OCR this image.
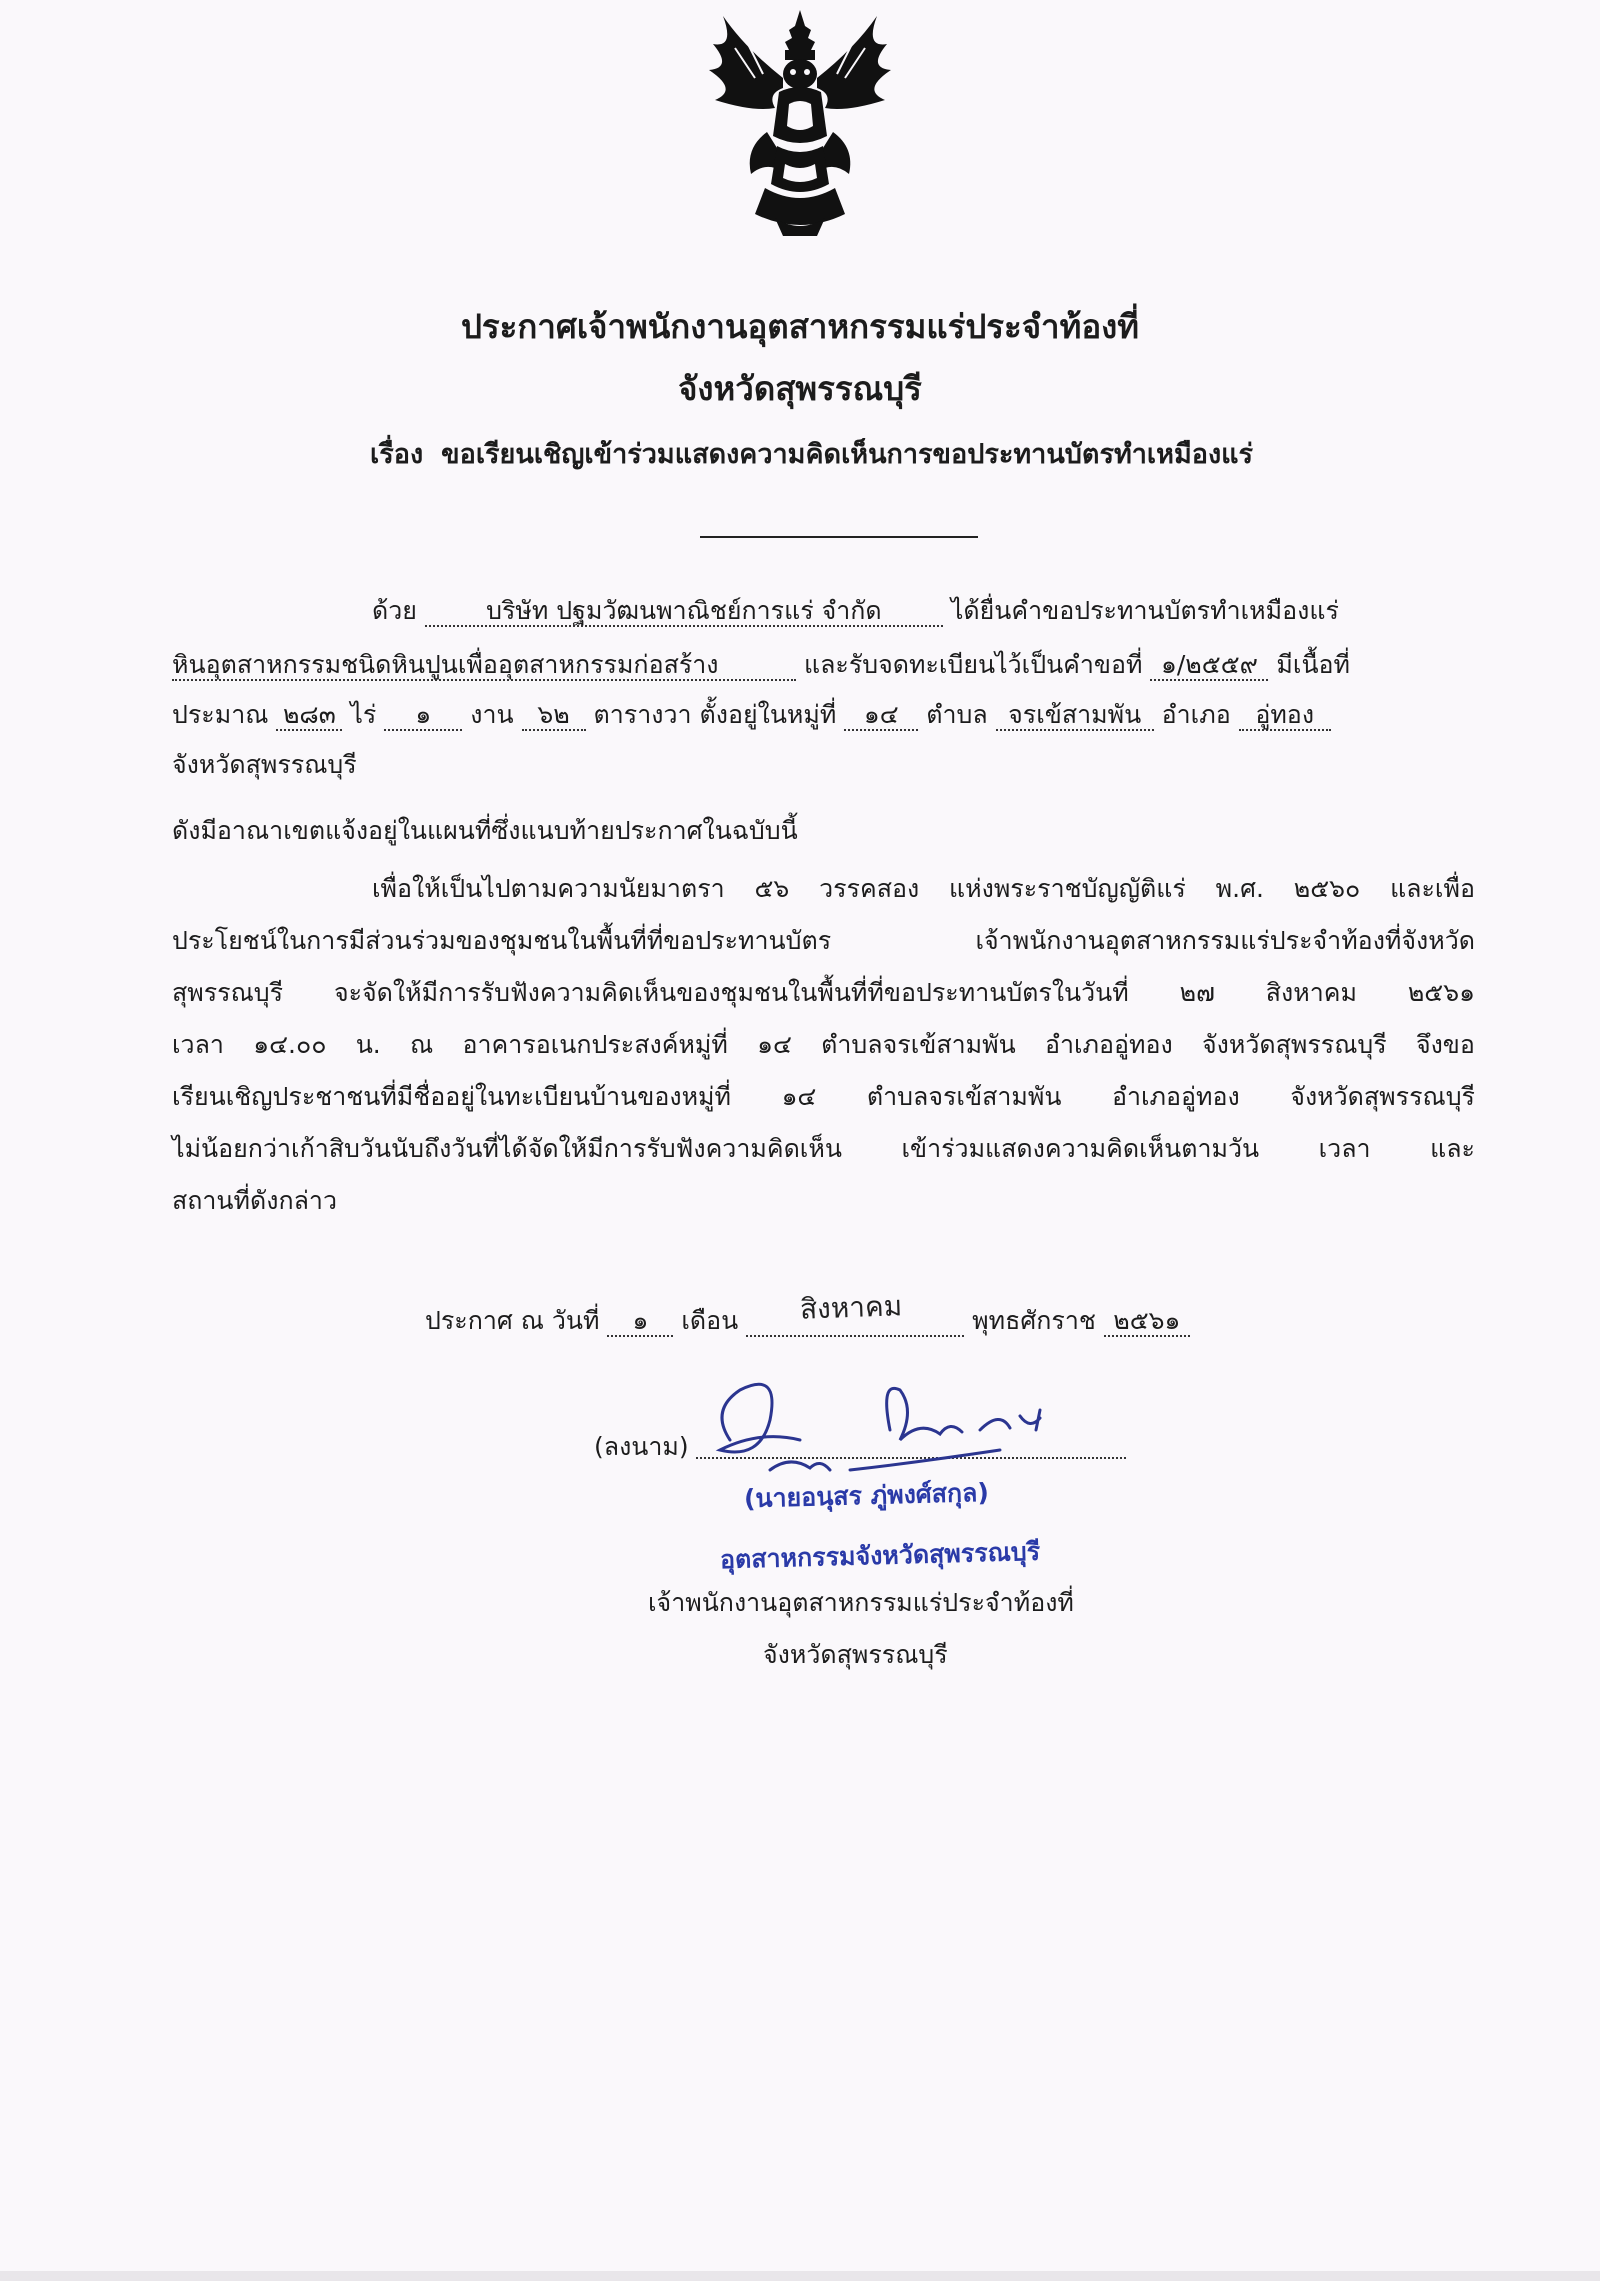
ประกาศเจ้าพนักงานอุตสาหกรรมแร่ประจำท้องที่
จังหวัดสุพรรณบุรี
เรื่อง ขอเรียนเชิญเข้าร่วมแสดงความคิดเห็นการขอประทานบัตรทำเหมืองแร่
ด้วย	บริษัท ปฐมวัฒนพาณิชย์การแร่ จำกัด	ได้ยื่นคำขอประทานบัตรทำเหมืองแร่
หินอุตสาหกรรมชนิดหินปูนเพื่ออุตสาหกรรมก่อสร้าง	และรับจดทะเบียนไว้เป็นคำขอที่ ๑/๒๕๕๙ มีเนื้อที่
ประมาณ ๒๘๓ ไร่ ๑ งาน ๖๒ ตารางวา ตั้งอยู่ในหมู่ที่ ๑๔ ตำบล จรเข้สามพัน อำเภอ อู่ทอง
จังหวัดสุพรรณบุรี
ดังมีอาณาเขตแจ้งอยู่ในแผนที่ซึ่งแนบท้ายประกาศในฉบับนี้
เพื่อให้เป็นไปตามความนัยมาตรา ๕๖ วรรคสอง แห่งพระราชบัญญัติแร่ พ.ศ. ๒๕๖๐ และเพื่อ
ประโยชน์ในการมีส่วนร่วมของชุมชนในพื้นที่ที่ขอประทานบัตร	เจ้าพนักงานอุตสาหกรรมแร่ประจำท้องที่จังหวัด
สุพรรณบุรี จะจัดให้มีการรับฟังความคิดเห็นของชุมชนในพื้นที่ที่ขอประทานบัตรในวันที่ ๒๗ สิงหาคม ๒๕๖๑
เวลา ๑๔.๐๐ น. ณ อาคารอเนกประสงค์หมู่ที่ ๑๔ ตำบลจรเข้สามพัน อำเภออู่ทอง จังหวัดสุพรรณบุรี จึงขอ
เรียนเชิญประชาชนที่มีชื่ออยู่ในทะเบียนบ้านของหมู่ที่ ๑๔ ตำบลจรเข้สามพัน อำเภออู่ทอง จังหวัดสุพรรณบุรี
ไม่น้อยกว่าเก้าสิบวันนับถึงวันที่ได้จัดให้มีการรับฟังความคิดเห็น เข้าร่วมแสดงความคิดเห็นตามวัน เวลา และ
สถานที่ดังกล่าว
ประกาศ ณ วันที่ ๑ เดือน	พุทธศักราช ๒๕๖๑
สิงหาคม
(ลงนาม)
(นายอนุสร ภู่พงศ์สกุล)
อุตสาหกรรมจังหวัดสุพรรณบุรี
เจ้าพนักงานอุตสาหกรรมแร่ประจำท้องที่
จังหวัดสุพรรณบุรี
